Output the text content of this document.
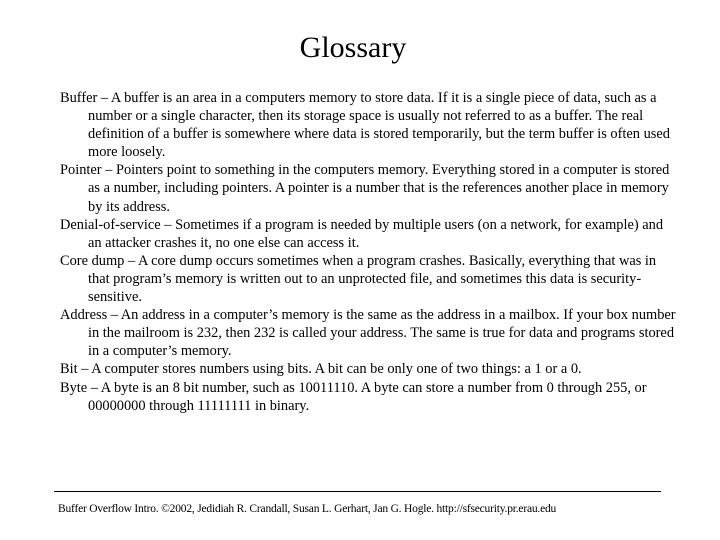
Glossary
Buffer – A buffer is an area in a computers memory to store data. If it is a single piece of data, such as a number or a single character, then its storage space is usually not referred to as a buffer. The real definition of a buffer is somewhere where data is stored temporarily, but the term buffer is often used more loosely.
Pointer – Pointers point to something in the computers memory. Everything stored in a computer is stored as a number, including pointers. A pointer is a number that is the references another place in memory by its address.
Denial-of-service – Sometimes if a program is needed by multiple users (on a network, for example) and an attacker crashes it, no one else can access it.
Core dump – A core dump occurs sometimes when a program crashes. Basically, everything that was in that program’s memory is written out to an unprotected file, and sometimes this data is security-sensitive.
Address – An address in a computer’s memory is the same as the address in a mailbox. If your box number in the mailroom is 232, then 232 is called your address. The same is true for data and programs stored in a computer’s memory.
Bit – A computer stores numbers using bits. A bit can be only one of two things: a 1 or a 0.
Byte – A byte is an 8 bit number, such as 10011110. A byte can store a number from 0 through 255, or 00000000 through 11111111 in binary.
Buffer Overflow Intro. ©2002, Jedidiah R. Crandall, Susan L. Gerhart, Jan G. Hogle. http://sfsecurity.pr.erau.edu
